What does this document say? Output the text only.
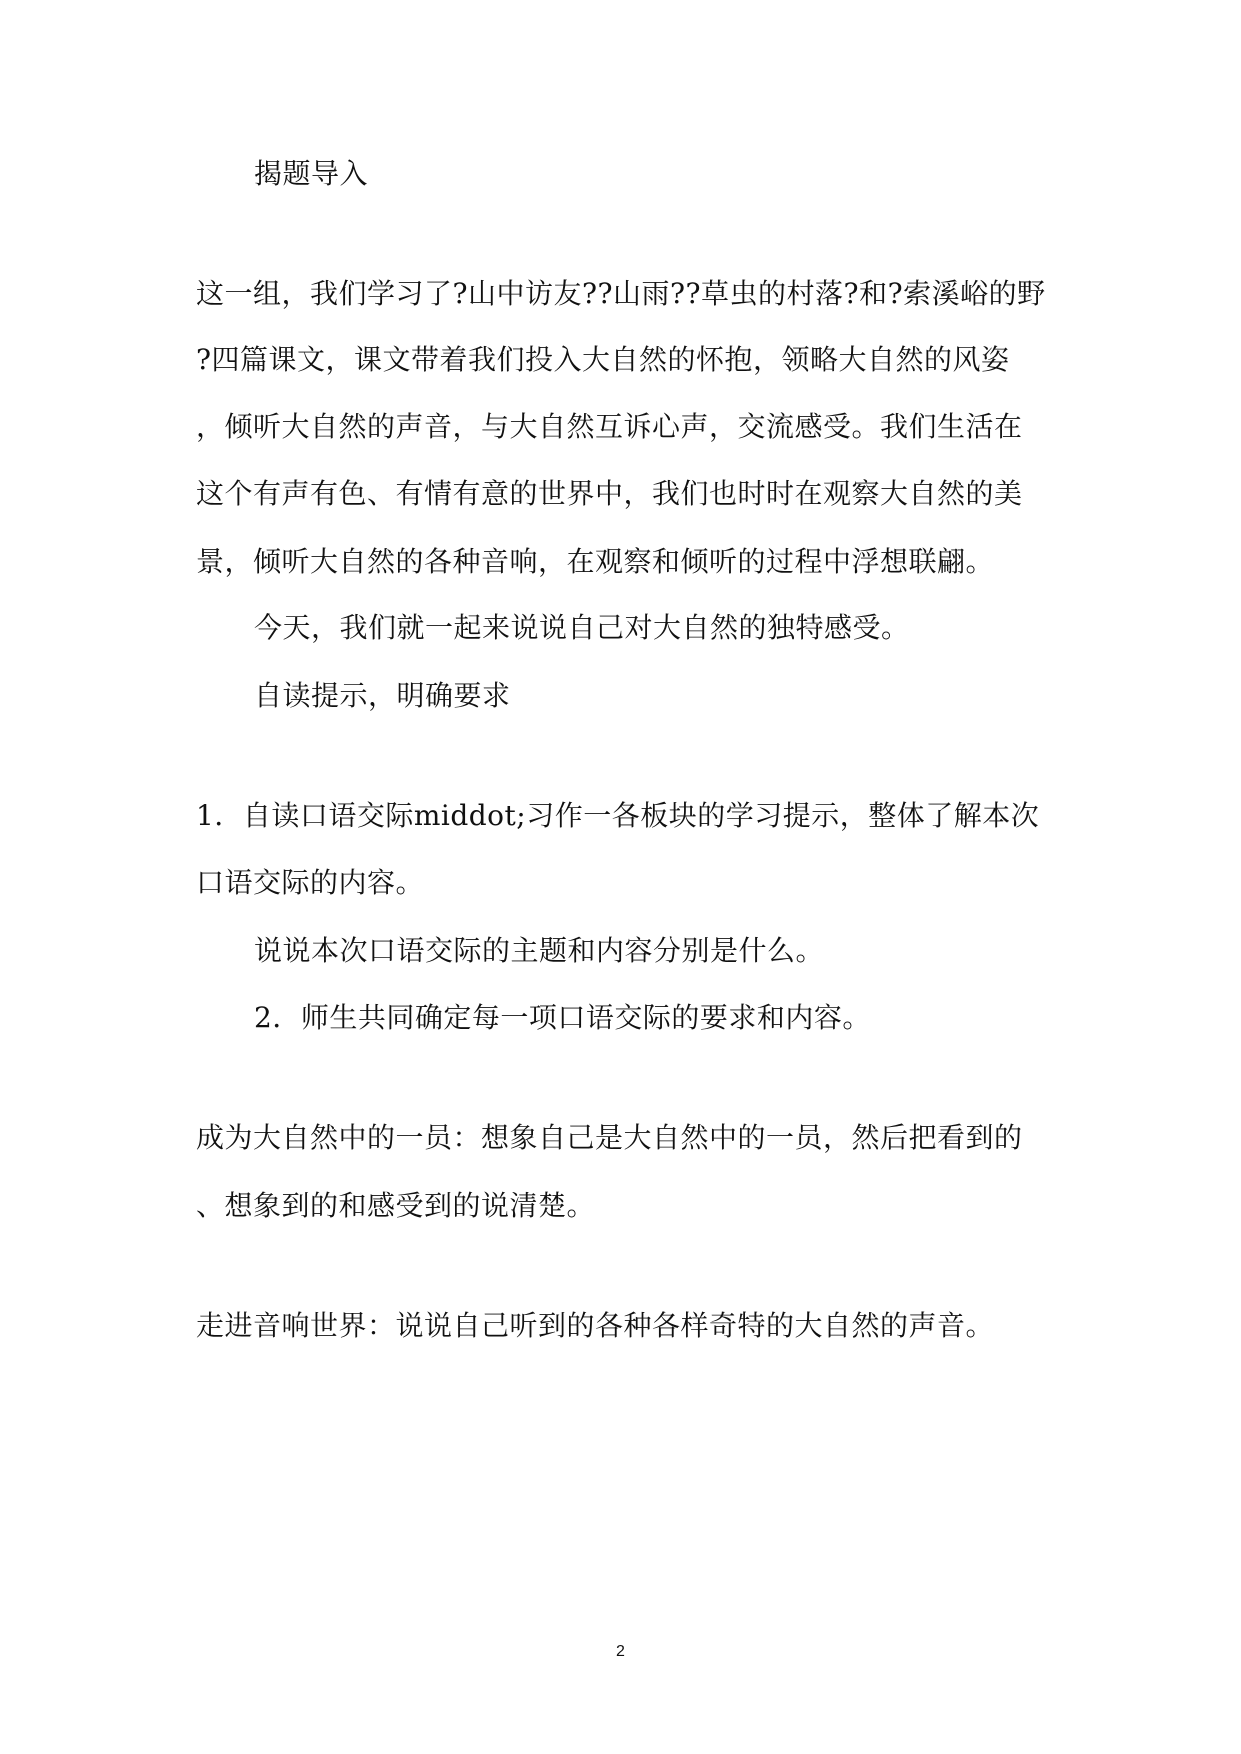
揭题导入
这一组，我们学习了?山中访友??山雨??草虫的村落?和?索溪峪的野
?四篇课文，课文带着我们投入大自然的怀抱，领略大自然的风姿
，倾听大自然的声音，与大自然互诉心声，交流感受。我们生活在
这个有声有色、有情有意的世界中，我们也时时在观察大自然的美
景，倾听大自然的各种音响，在观察和倾听的过程中浮想联翩。
今天，我们就一起来说说自己对大自然的独特感受。
自读提示，明确要求
1．自读口语交际middot;习作一各板块的学习提示，整体了解本次
口语交际的内容。
说说本次口语交际的主题和内容分别是什么。
2．师生共同确定每一项口语交际的要求和内容。
成为大自然中的一员：想象自己是大自然中的一员，然后把看到的
、想象到的和感受到的说清楚。
走进音响世界：说说自己听到的各种各样奇特的大自然的声音。
2
